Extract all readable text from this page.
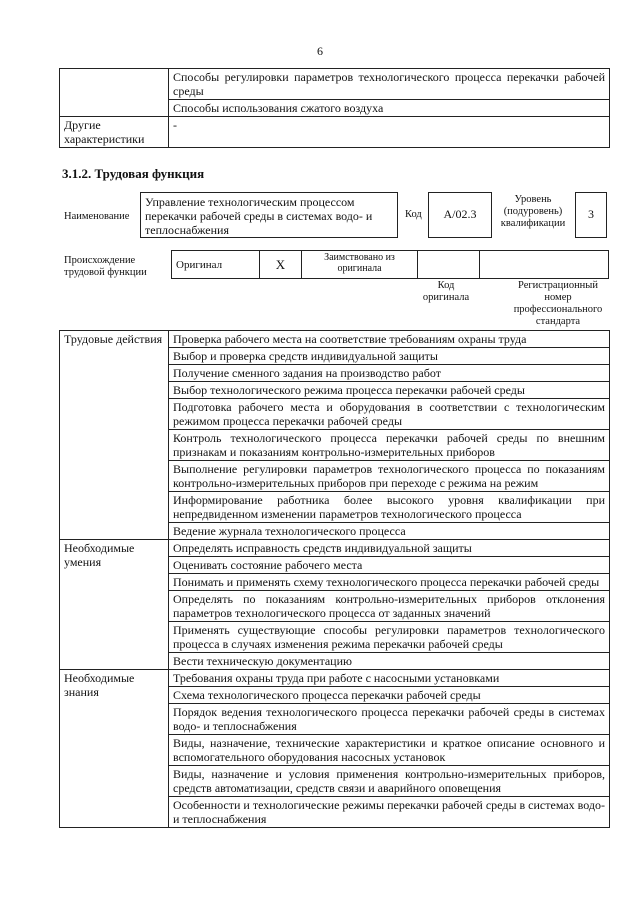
6
	Способы регулировки параметров технологического процесса перекачки рабочей среды
	Способы использования сжатого воздуха
Другие характеристики	-
3.1.2. Трудовая функция
Наименование
Управление технологическим процессом перекачки рабочей среды в системах водо- и теплоснабжения
Код	А/02.3
Уровень (подуровень) квалификации
3
Происхождение трудовой функции
Оригинал	X	Заимствовано из оригинала		
Код оригинала
Регистрационный номер профессионального стандарта
Трудовые действия	Проверка рабочего места на соответствие требованиям охраны труда
	Выбор и проверка средств индивидуальной защиты
	Получение сменного задания на производство работ
	Выбор технологического режима процесса перекачки рабочей среды
	Подготовка рабочего места и оборудования в соответствии с технологическим режимом процесса перекачки рабочей среды
	Контроль технологического процесса перекачки рабочей среды по внешним признакам и показаниям контрольно-измерительных приборов
	Выполнение регулировки параметров технологического процесса по показаниям контрольно-измерительных приборов при переходе с режима на режим
	Информирование работника более высокого уровня квалификации при непредвиденном изменении параметров технологического процесса
	Ведение журнала технологического процесса
Необходимые умения	Определять исправность средств индивидуальной защиты
	Оценивать состояние рабочего места
	Понимать и применять схему технологического процесса перекачки рабочей среды
	Определять по показаниям контрольно-измерительных приборов отклонения параметров технологического процесса от заданных значений
	Применять существующие способы регулировки параметров технологического процесса в случаях изменения режима перекачки рабочей среды
	Вести техническую документацию
Необходимые знания	Требования охраны труда при работе с насосными установками
	Схема технологического процесса перекачки рабочей среды
	Порядок ведения технологического процесса перекачки рабочей среды в системах водо- и теплоснабжения
	Виды, назначение, технические характеристики и краткое описание основного и вспомогательного оборудования насосных установок
	Виды, назначение и условия применения контрольно-измерительных приборов, средств автоматизации, средств связи и аварийного оповещения
	Особенности и технологические режимы перекачки рабочей среды в системах водо- и теплоснабжения
